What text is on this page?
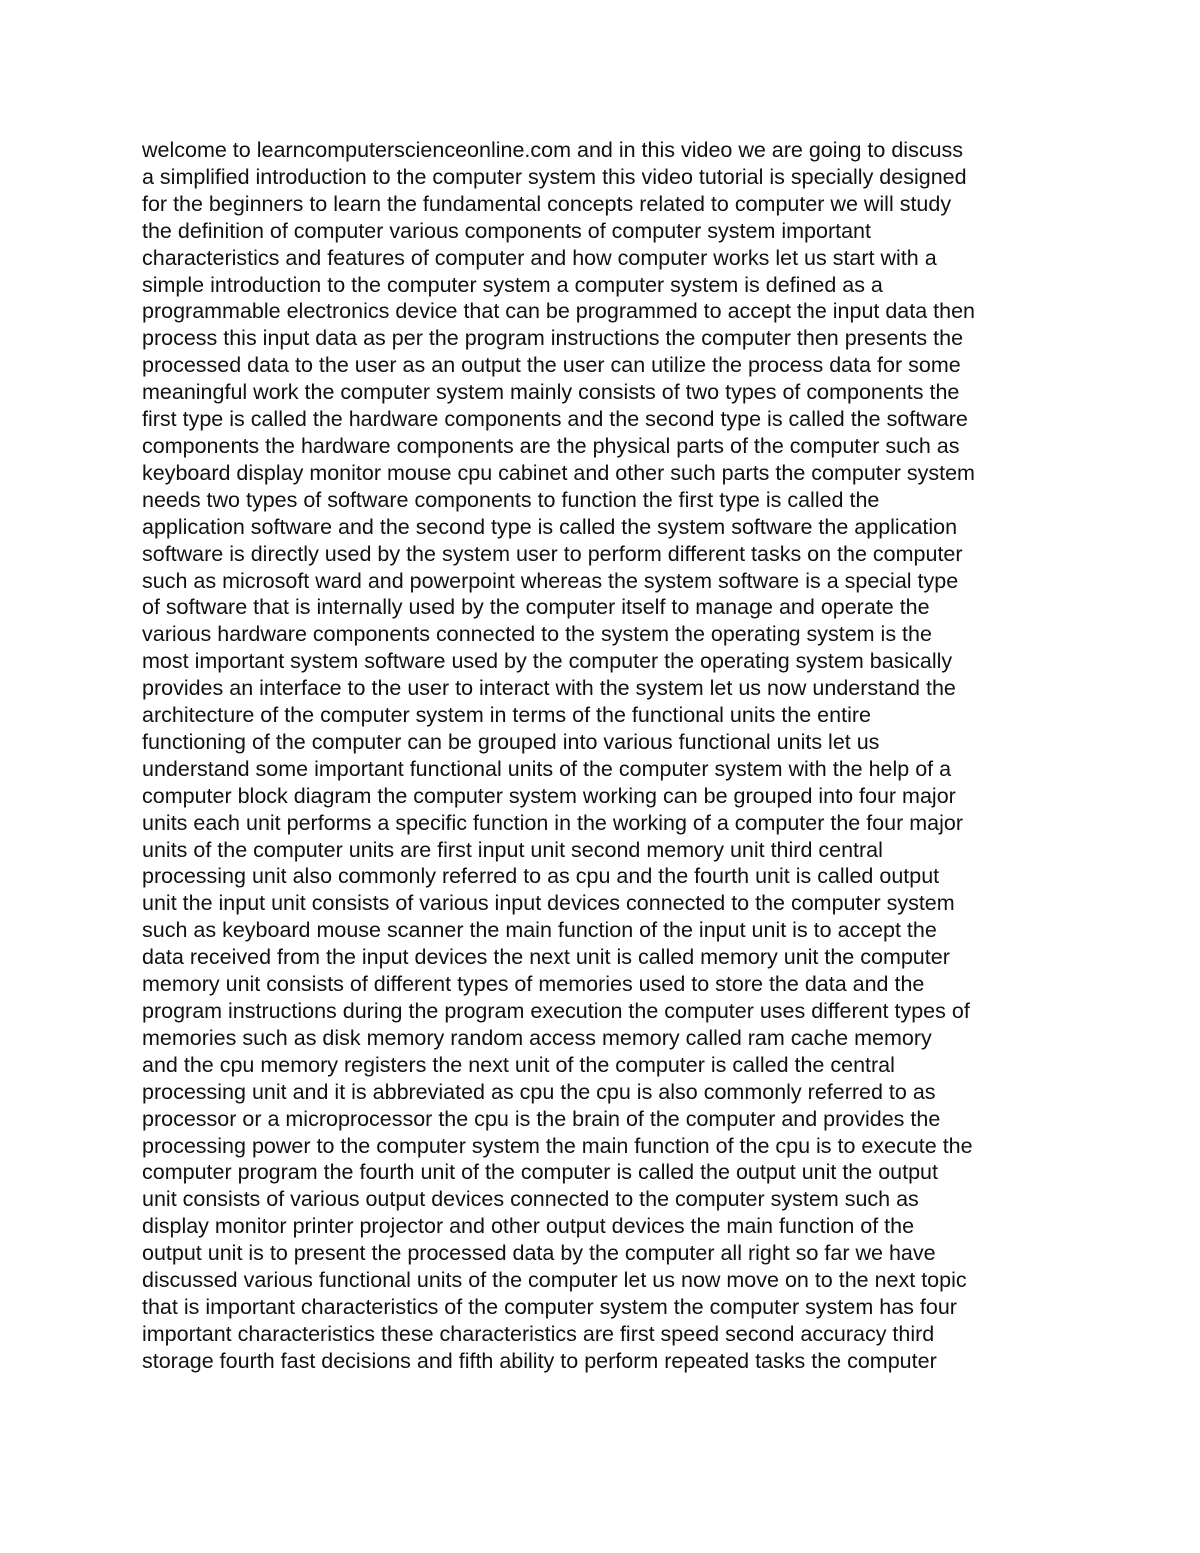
welcome to learncomputerscienceonline.com and in this video we are going to discuss
a simplified introduction to the computer system this video tutorial is specially designed
for the beginners to learn the fundamental concepts related to computer we will study
the definition of computer various components of computer system important
characteristics and features of computer and how computer works let us start with a
simple introduction to the computer system a computer system is defined as a
programmable electronics device that can be programmed to accept the input data then
process this input data as per the program instructions the computer then presents the
processed data to the user as an output the user can utilize the process data for some
meaningful work the computer system mainly consists of two types of components the
first type is called the hardware components and the second type is called the software
components the hardware components are the physical parts of the computer such as
keyboard display monitor mouse cpu cabinet and other such parts the computer system
needs two types of software components to function the first type is called the
application software and the second type is called the system software the application
software is directly used by the system user to perform different tasks on the computer
such as microsoft ward and powerpoint whereas the system software is a special type
of software that is internally used by the computer itself to manage and operate the
various hardware components connected to the system the operating system is the
most important system software used by the computer the operating system basically
provides an interface to the user to interact with the system let us now understand the
architecture of the computer system in terms of the functional units the entire
functioning of the computer can be grouped into various functional units let us
understand some important functional units of the computer system with the help of a
computer block diagram the computer system working can be grouped into four major
units each unit performs a specific function in the working of a computer the four major
units of the computer units are first input unit second memory unit third central
processing unit also commonly referred to as cpu and the fourth unit is called output
unit the input unit consists of various input devices connected to the computer system
such as keyboard mouse scanner the main function of the input unit is to accept the
data received from the input devices the next unit is called memory unit the computer
memory unit consists of different types of memories used to store the data and the
program instructions during the program execution the computer uses different types of
memories such as disk memory random access memory called ram cache memory
and the cpu memory registers the next unit of the computer is called the central
processing unit and it is abbreviated as cpu the cpu is also commonly referred to as
processor or a microprocessor the cpu is the brain of the computer and provides the
processing power to the computer system the main function of the cpu is to execute the
computer program the fourth unit of the computer is called the output unit the output
unit consists of various output devices connected to the computer system such as
display monitor printer projector and other output devices the main function of the
output unit is to present the processed data by the computer all right so far we have
discussed various functional units of the computer let us now move on to the next topic
that is important characteristics of the computer system the computer system has four
important characteristics these characteristics are first speed second accuracy third
storage fourth fast decisions and fifth ability to perform repeated tasks the computer
